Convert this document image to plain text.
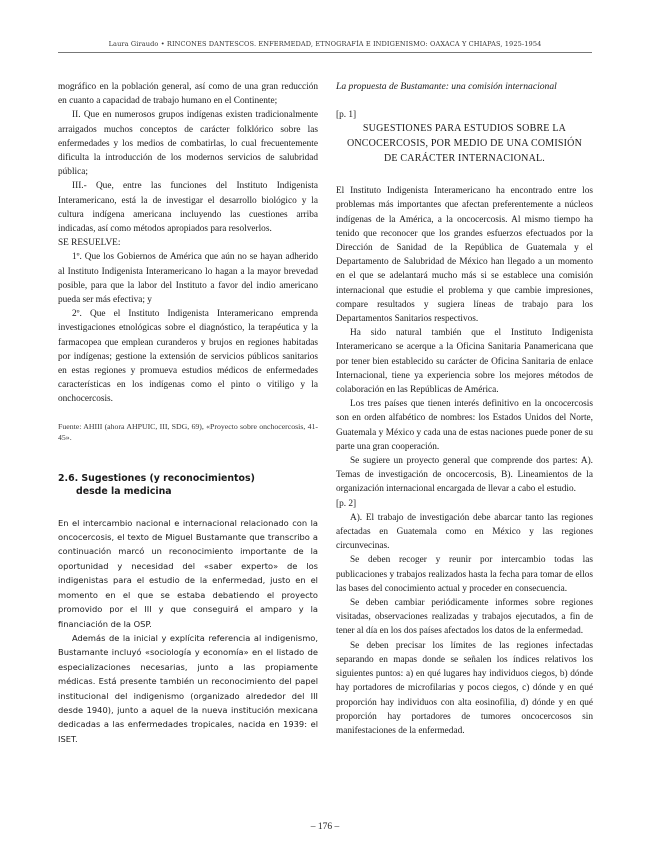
Laura Giraudo • RINCONES DANTESCOS. ENFERMEDAD, ETNOGRAFÍA E INDIGENISMO: OAXACA Y CHIAPAS, 1925-1954

mográfico en la población general, así como de una gran reducción en cuanto a capacidad de trabajo humano en el Continente;

II. Que en numerosos grupos indígenas existen tradicionalmente arraigados muchos conceptos de carácter folklórico sobre las enfermedades y los medios de combatirlas, lo cual frecuentemente dificulta la introducción de los modernos servicios de salubridad pública;

III.- Que, entre las funciones del Instituto Indigenista Interamericano, está la de investigar el desarrollo biológico y la cultura indígena americana incluyendo las cuestiones arriba indicadas, así como métodos apropiados para resolverlos.

SE RESUELVE:

1º. Que los Gobiernos de América que aún no se hayan adherido al Instituto Indigenista Interamericano lo hagan a la mayor brevedad posible, para que la labor del Instituto a favor del indio americano pueda ser más efectiva; y

2º. Que el Instituto Indigenista Interamericano emprenda investigaciones etnológicas sobre el diagnóstico, la terapéutica y la farmacopea que emplean curanderos y brujos en regiones habitadas por indígenas; gestione la extensión de servicios públicos sanitarios en estas regiones y promueva estudios médicos de enfermedades características en los indígenas como el pinto o vitiligo y la onchocercosis.

Fuente: AHIII (ahora AHPUIC, III, SDG, 69), «Proyecto sobre onchocercosis, 41-45».

2.6. Sugestiones (y reconocimientos)
desde la medicina

En el intercambio nacional e internacional relacionado con la oncocercosis, el texto de Miguel Bustamante que transcribo a continuación marcó un reconocimiento importante de la oportunidad y necesidad del «saber experto» de los indigenistas para el estudio de la enfermedad, justo en el momento en el que se estaba debatiendo el proyecto promovido por el III y que conseguirá el amparo y la financiación de la OSP.

Además de la inicial y explícita referencia al indigenismo, Bustamante incluyó «sociología y economía» en el listado de especializaciones necesarias, junto a las propiamente médicas. Está presente también un reconocimiento del papel institucional del indigenismo (organizado alrededor del III desde 1940), junto a aquel de la nueva institución mexicana dedicadas a las enfermedades tropicales, nacida en 1939: el ISET.

La propuesta de Bustamante: una comisión internacional

[p. 1]

SUGESTIONES PARA ESTUDIOS SOBRE LA ONCOCERCOSIS, POR MEDIO DE UNA COMISIÓN DE CARÁCTER INTERNACIONAL.

El Instituto Indigenista Interamericano ha encontrado entre los problemas más importantes que afectan preferentemente a núcleos indígenas de la América, a la oncocercosis. Al mismo tiempo ha tenido que reconocer que los grandes esfuerzos efectuados por la Dirección de Sanidad de la República de Guatemala y el Departamento de Salubridad de México han llegado a un momento en el que se adelantará mucho más si se establece una comisión internacional que estudie el problema y que cambie impresiones, compare resultados y sugiera líneas de trabajo para los Departamentos Sanitarios respectivos.

Ha sido natural también que el Instituto Indigenista Interamericano se acerque a la Oficina Sanitaria Panamericana que por tener bien establecido su carácter de Oficina Sanitaria de enlace Internacional, tiene ya experiencia sobre los mejores métodos de colaboración en las Repúblicas de América.

Los tres países que tienen interés definitivo en la oncocercosis son en orden alfabético de nombres: los Estados Unidos del Norte, Guatemala y México y cada una de estas naciones puede poner de su parte una gran cooperación.

Se sugiere un proyecto general que comprende dos partes: A). Temas de investigación de oncocercosis, B). Lineamientos de la organización internacional encargada de llevar a cabo el estudio.

[p. 2]

A). El trabajo de investigación debe abarcar tanto las regiones afectadas en Guatemala como en México y las regiones circunvecinas.

Se deben recoger y reunir por intercambio todas las publicaciones y trabajos realizados hasta la fecha para tomar de ellos las bases del conocimiento actual y proceder en consecuencia.

Se deben cambiar periódicamente informes sobre regiones visitadas, observaciones realizadas y trabajos ejecutados, a fin de tener al día en los dos países afectados los datos de la enfermedad.

Se deben precisar los límites de las regiones infectadas separando en mapas donde se señalen los índices relativos los siguientes puntos: a) en qué lugares hay individuos ciegos, b) dónde hay portadores de microfilarias y pocos ciegos, c) dónde y en qué proporción hay individuos con alta eosinofilia, d) dónde y en qué proporción hay portadores de tumores oncocercosos sin manifestaciones de la enfermedad.

– 176 –
